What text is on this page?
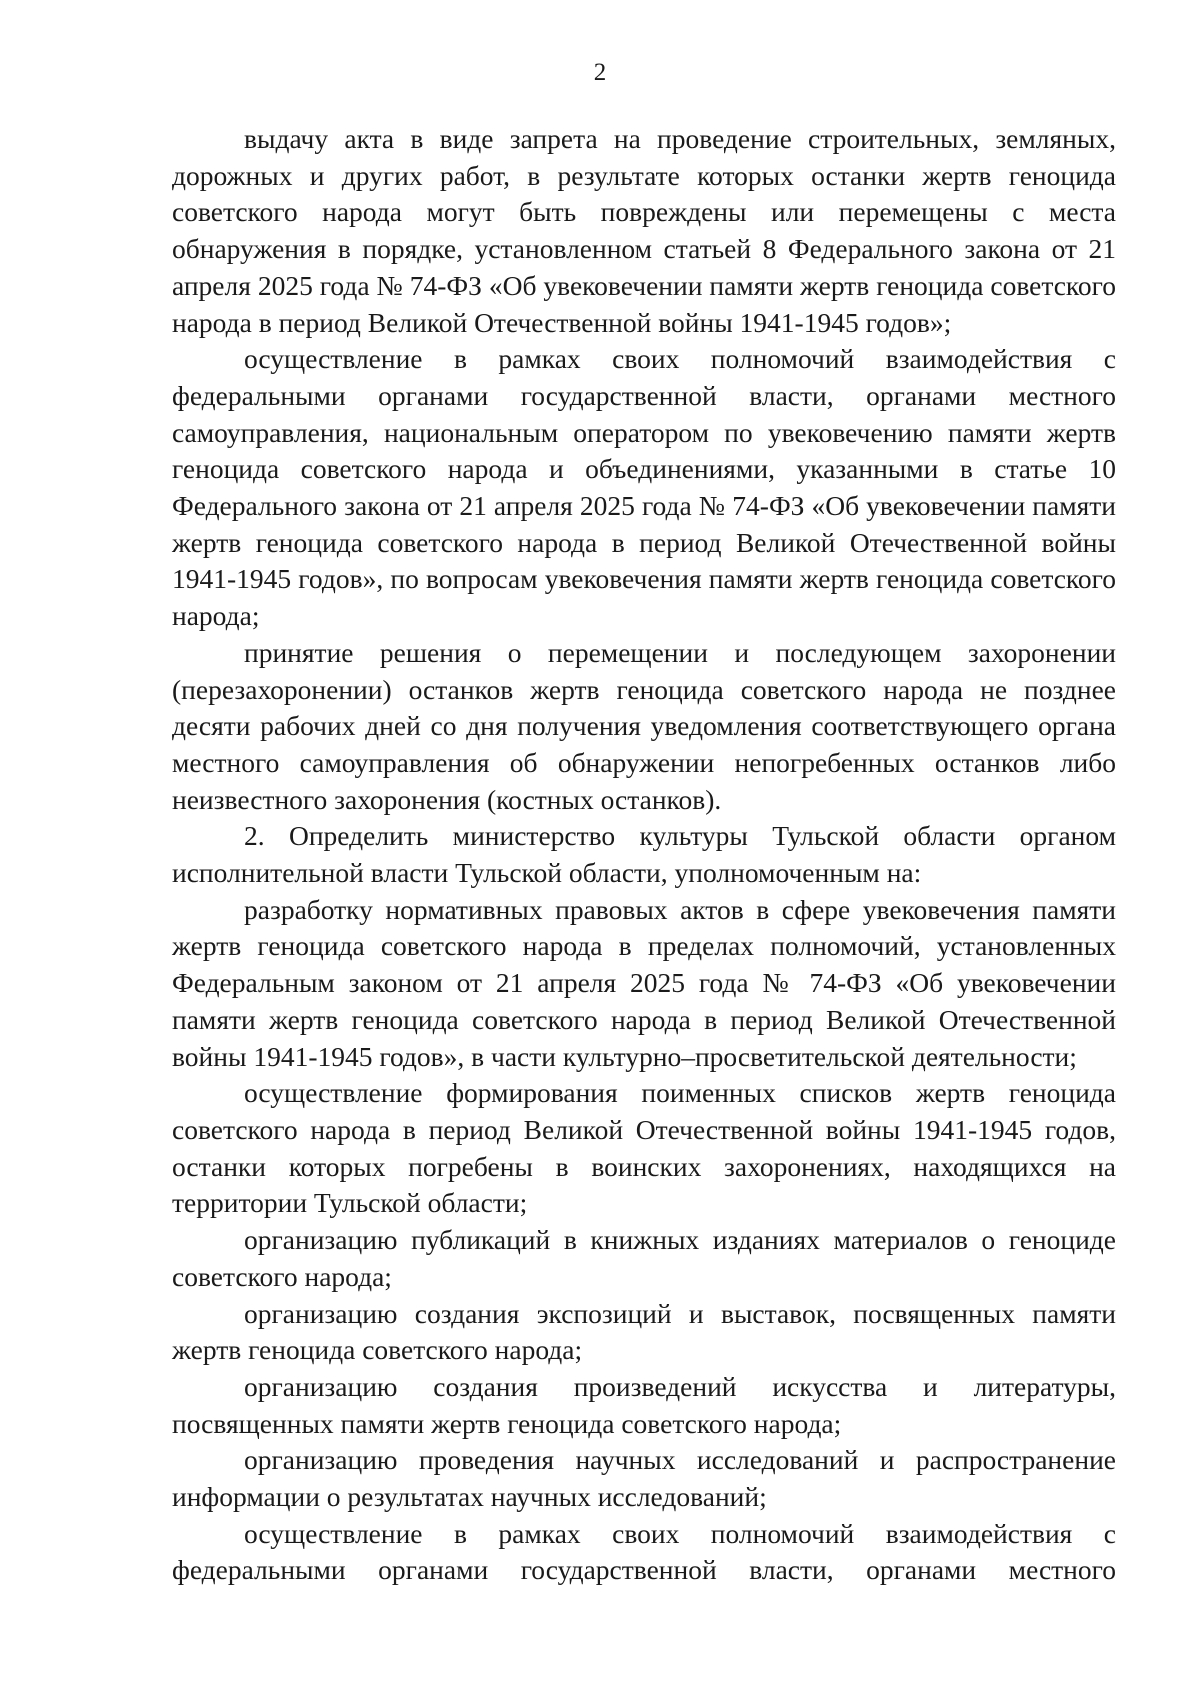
2

выдачу акта в виде запрета на проведение строительных, земляных, дорожных и других работ, в результате которых останки жертв геноцида советского народа могут быть повреждены или перемещены с места обнаружения в порядке, установленном статьей 8 Федерального закона от 21 апреля 2025 года № 74-ФЗ «Об увековечении памяти жертв геноцида советского народа в период Великой Отечественной войны 1941-1945 годов»;

осуществление в рамках своих полномочий взаимодействия с федеральными органами государственной власти, органами местного самоуправления, национальным оператором по увековечению памяти жертв геноцида советского народа и объединениями, указанными в статье 10 Федерального закона от 21 апреля 2025 года № 74-ФЗ «Об увековечении памяти жертв геноцида советского народа в период Великой Отечественной войны 1941-1945 годов», по вопросам увековечения памяти жертв геноцида советского народа;

принятие решения о перемещении и последующем захоронении (перезахоронении) останков жертв геноцида советского народа не позднее десяти рабочих дней со дня получения уведомления соответствующего органа местного самоуправления об обнаружении непогребенных останков либо неизвестного захоронения (костных останков).

2. Определить министерство культуры Тульской области органом исполнительной власти Тульской области, уполномоченным на:

разработку нормативных правовых актов в сфере увековечения памяти жертв геноцида советского народа в пределах полномочий, установленных Федеральным законом от 21 апреля 2025 года № 74-ФЗ «Об увековечении памяти жертв геноцида советского народа в период Великой Отечественной войны 1941-1945 годов», в части культурно–просветительской деятельности;

осуществление формирования поименных списков жертв геноцида советского народа в период Великой Отечественной войны 1941-1945 годов, останки которых погребены в воинских захоронениях, находящихся на территории Тульской области;

организацию публикаций в книжных изданиях материалов о геноциде советского народа;

организацию создания экспозиций и выставок, посвященных памяти жертв геноцида советского народа;

организацию создания произведений искусства и литературы, посвященных памяти жертв геноцида советского народа;

организацию проведения научных исследований и распространение информации о результатах научных исследований;

осуществление в рамках своих полномочий взаимодействия с федеральными органами государственной власти, органами местного
